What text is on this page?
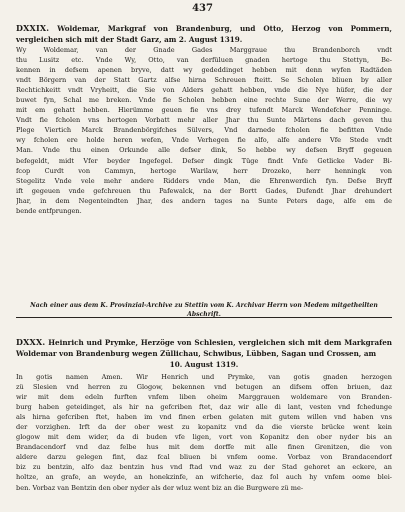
437
DXXIX. Woldemar, Markgraf von Brandenburg, und Otto, Herzog von Pommern, vergleichen sich mit der Stadt Garz, am 2. August 1319.
Wy Woldemar, van der Gnade Gades Marggraue thu Brandenborch vndt
thu Lusitz etc. Vnde Wy, Otto, van derfüluen gnaden hertoge thu Stettyn, Be-
kennen in defsem apenen bryve, datt wy gededdinget hebben mit denn wyfen Radtäden
vndt Börgern van der Statt Gartz alfse hirna Schreuen fteitt. Se Scholen bliuen by aller
Rechtichkeitt vndt Vryheitt, die Sie von Alders gehatt hebben, vnde die Nye hüfer, die der
buwet fyn, Schal me breken. Vnde fie Scholen hebben eine rechte Sune der Werre, die wy
mit em gehatt hebben. Hierümme geuen fie vns drey tufendt Marck Wendefcher Penninge.
Vndt fie fcholen vns hertogen Vorbatt mehr aller Jhar thu Sunte Märtens dach geven thu
Plege Viertich Marck Brandenbörgifches Sülvers, Vnd darnede fcholen fie befitten Vnde
wy fcholen ere holde heren wefen, Vnde Verhegen fie alfo, alfe andere Vfe Stede vndt
Man. Vnde thu einen Orkunde alle defser dink, So hebbe wy defsen Bryff gegeuen
befegeldt, midt Vfer beyder Ingefegel. Defser dingk Tüge findt Vnfe Getlicke Vader Bi-
fcop Curdt von Cammyn, hertoge Warilaw, herr Drozeko, herr henningk von
Stegelitz Vnde vele mehr andere Ridders vnde Man, die Ehrenwerdich fyn. Defse Bryff
ift gegeuen vnde gefchreuen thu Pafewalck, na der Bortt Gades, Dufendt Jhar drehundert
Jhar, in dem Negenteindten Jhar, des andern tages na Sunte Peters dage, alfe em de
bende entfprungen.
Nach einer aus dem K. Provinzial-Archive zu Stettin vom K. Archivar Herrn von Medem mitgetheilten Abschrift.
DXXX. Heinrich und Prymke, Herzöge von Schlesien, vergleichen sich mit dem Markgrafen Woldemar von Brandenburg wegen Züllichau, Schwibus, Lübben, Sagan und Crossen, am
10. August 1319.
In gotis namen Amen. Wir Henrich und Prymke, van gotis gnaden herzogen
zü Slesien vnd herren zu Glogow, bekennen vnd betugen an difsem offen briuen, daz
wir mit dem edeln furften vnfem liben oheim Marggrauen woldemare von Branden-
burg haben geteidinget, als hir na gefcriben ftet, daz wir alle di lant, vesten vnd fchedunge
als hirna gefcriben ftet, haben im vnd finen erben gelaten mit gutem willen vnd haben vns
der vorzighen. Irft da der ober west zu kopanitz vnd da die vierste brücke went kein
glogow mit dem wider, da di buden vfe ligen, vort von Kopanitz den ober nyder bis an
Brandacendorf vnd daz felbe hus mit dem dorffe mit alle finen Grenitzen, die von
aldere darzu gelegen fint, daz fcal bliuen bi vnfem oome. Vorbaz von Brandacendorf
biz zu bentzin, alfo daz bentzin hus vnd ftad vnd waz zu der Stad gehoret an eckere, an
holtze, an grafe, an weyde, an honekzinfe, an wifcherie, daz fol auch hy vnfem oome blei-
ben. Vorbaz van Bentzin den ober nyder als der wluz went biz an die Burgwere zü me-
